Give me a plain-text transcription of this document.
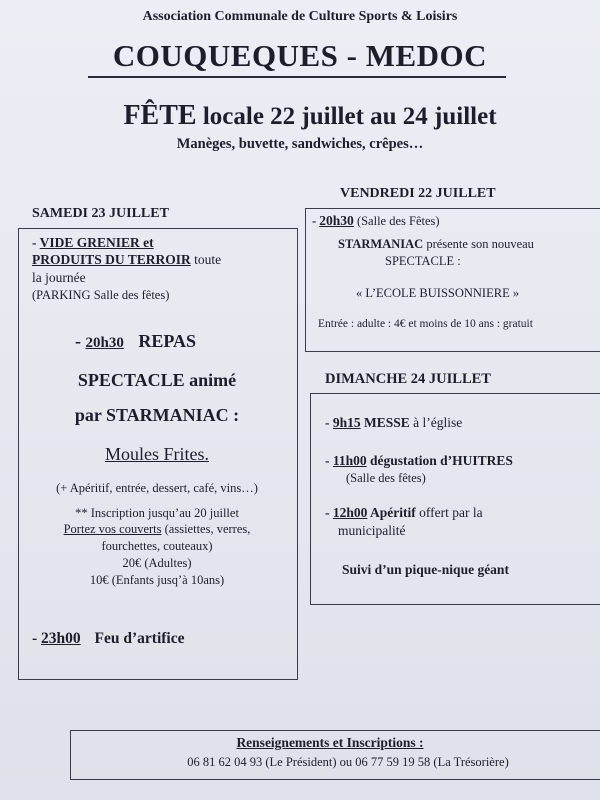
Association Communale de Culture Sports & Loisirs
COUQUEQUES - MEDOC
FÊTE locale 22 juillet au 24 juillet
Manèges, buvette, sandwiches, crêpes…
SAMEDI 23 JUILLET
- VIDE GRENIER et
PRODUITS DU TERROIR toute
la journée
(PARKING Salle des fêtes)
- 20h30 REPAS
SPECTACLE animé
par STARMANIAC :
Moules Frites.
(+ Apéritif, entrée, dessert, café, vins…)
** Inscription jusqu’au 20 juillet
Portez vos couverts (assiettes, verres,
fourchettes, couteaux)
20€ (Adultes)
10€ (Enfants jusq’à 10ans)
- 23h00 Feu d’artifice
VENDREDI 22 JUILLET
- 20h30 (Salle des Fêtes)
STARMANIAC présente son nouveau
SPECTACLE :
« L’ECOLE BUISSONNIERE »
Entrée : adulte : 4€ et moins de 10 ans : gratuit
DIMANCHE 24 JUILLET
- 9h15 MESSE à l’église
- 11h00 dégustation d’HUITRES
(Salle des fêtes)
- 12h00 Apéritif offert par la
municipalité
Suivi d’un pique-nique géant
Renseignements et Inscriptions :
06 81 62 04 93 (Le Président) ou 06 77 59 19 58 (La Trésorière)
